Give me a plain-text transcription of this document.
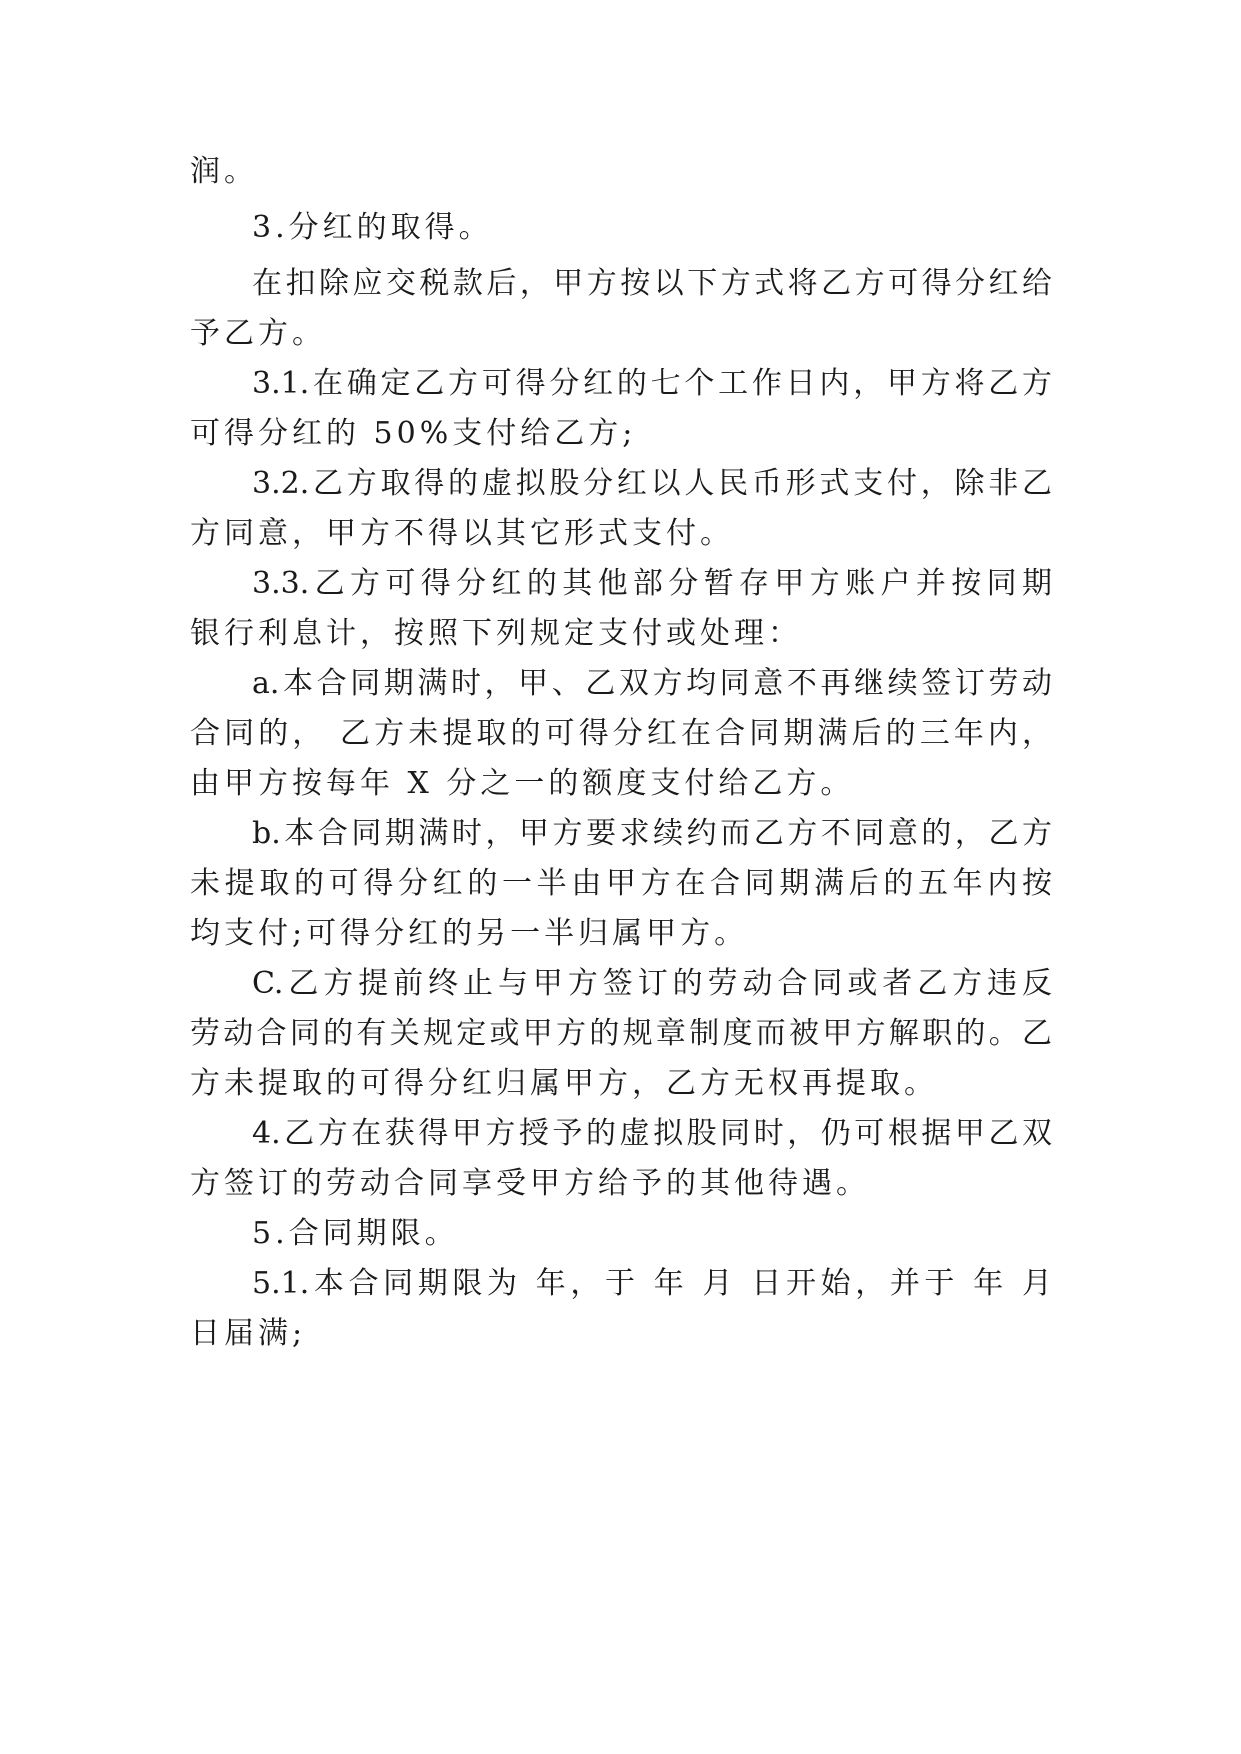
润。
3.分红的取得。
在扣除应交税款后，甲方按以下方式将乙方可得分红给
予乙方。
3.1.在确定乙方可得分红的七个工作日内，甲方将乙方
可得分红的 50%支付给乙方;
3.2.乙方取得的虚拟股分红以人民币形式支付，除非乙
方同意，甲方不得以其它形式支付。
3.3.乙方可得分红的其他部分暂存甲方账户并按同期
银行利息计，按照下列规定支付或处理：
a.本合同期满时，甲、乙双方均同意不再继续签订劳动
合同的， 乙方未提取的可得分红在合同期满后的三年内，
由甲方按每年 X 分之一的额度支付给乙方。
b.本合同期满时，甲方要求续约而乙方不同意的，乙方
未提取的可得分红的一半由甲方在合同期满后的五年内按
均支付;可得分红的另一半归属甲方。
C.乙方提前终止与甲方签订的劳动合同或者乙方违反
劳动合同的有关规定或甲方的规章制度而被甲方解职的。乙
方未提取的可得分红归属甲方，乙方无权再提取。
4.乙方在获得甲方授予的虚拟股同时，仍可根据甲乙双
方签订的劳动合同享受甲方给予的其他待遇。
5.合同期限。
5.1.本合同期限为 年，于 年 月 日开始，并于 年 月
日届满;
